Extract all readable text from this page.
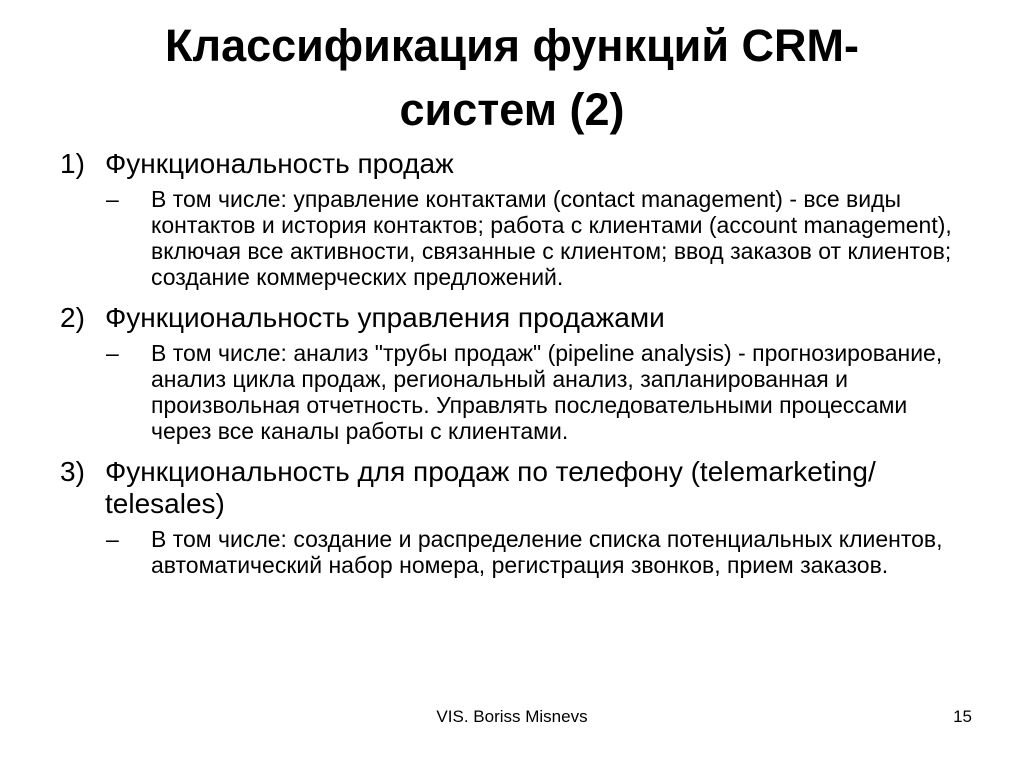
Классификация функций CRM-
систем (2)
1) Функциональность продаж
– В том числе: управление контактами (contact management) - все виды контактов и история контактов; работа с клиентами (account management), включая все активности, связанные с клиентом; ввод заказов от клиентов; создание коммерческих предложений.
2) Функциональность управления продажами
– В том числе: анализ "трубы продаж" (pipeline analysis) - прогнозирование, анализ цикла продаж, региональный анализ, запланированная и произвольная отчетность. Управлять последовательными процессами через все каналы работы с клиентами.
3) Функциональность для продаж по телефону (telemarketing/ telesales)
– В том числе: создание и распределение списка потенциальных клиентов, автоматический набор номера, регистрация звонков, прием заказов.
VIS. Boriss Misnevs	15
